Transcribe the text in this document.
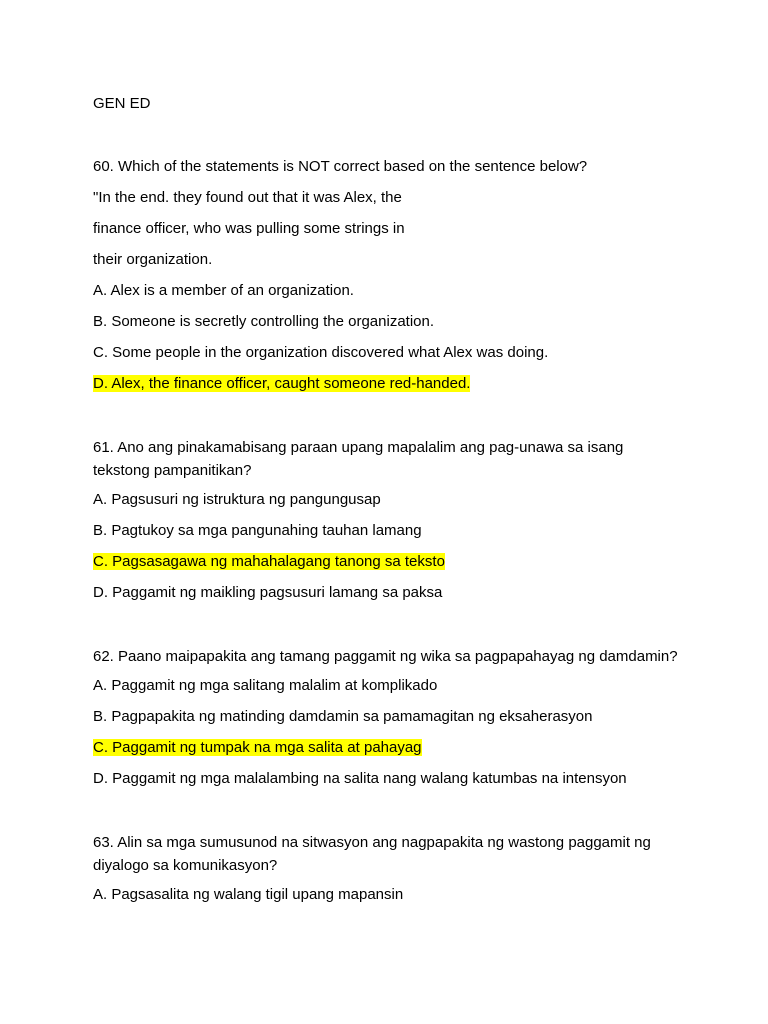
GEN ED
60. Which of the statements is NOT correct based on the sentence below?
"In the end. they found out that it was Alex, the
finance officer, who was pulling some strings in
their organization.
A. Alex is a member of an organization.
B. Someone is secretly controlling the organization.
C. Some people in the organization discovered what Alex was doing.
D. Alex, the finance officer, caught someone red-handed.
61. Ano ang pinakamabisang paraan upang mapalalim ang pag-unawa sa isang tekstong pampanitikan?
A. Pagsusuri ng istruktura ng pangungusap
B. Pagtukoy sa mga pangunahing tauhan lamang
C. Pagsasagawa ng mahahalagang tanong sa teksto
D. Paggamit ng maikling pagsusuri lamang sa paksa
62. Paano maipapakita ang tamang paggamit ng wika sa pagpapahayag ng damdamin?
A. Paggamit ng mga salitang malalim at komplikado
B. Pagpapakita ng matinding damdamin sa pamamagitan ng eksaherasyon
C. Paggamit ng tumpak na mga salita at pahayag
D. Paggamit ng mga malalambing na salita nang walang katumbas na intensyon
63. Alin sa mga sumusunod na sitwasyon ang nagpapakita ng wastong paggamit ng diyalogo sa komunikasyon?
A. Pagsasalita ng walang tigil upang mapansin
